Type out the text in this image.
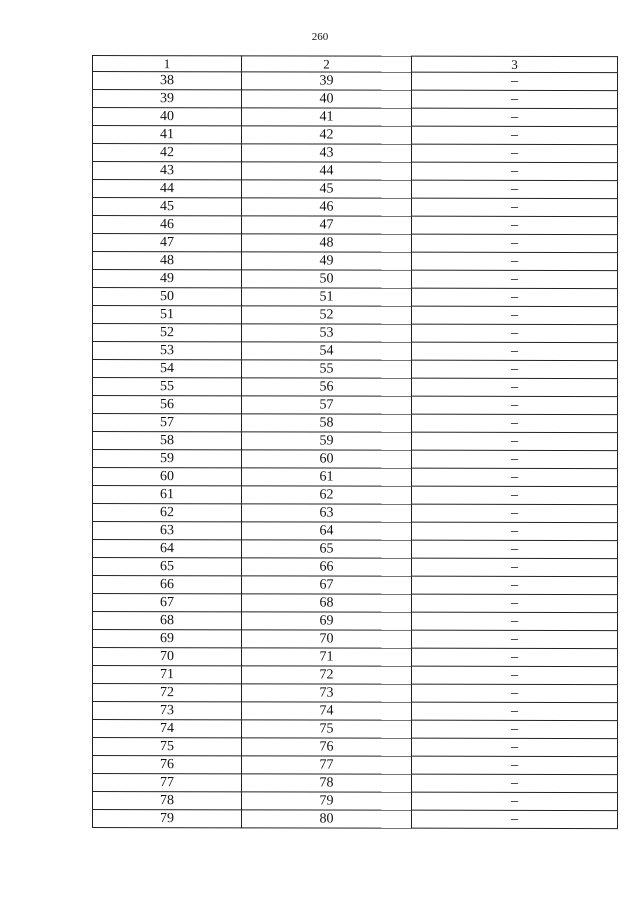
260
1	2	3
38	39	–
39	40	–
40	41	–
41	42	–
42	43	–
43	44	–
44	45	–
45	46	–
46	47	–
47	48	–
48	49	–
49	50	–
50	51	–
51	52	–
52	53	–
53	54	–
54	55	–
55	56	–
56	57	–
57	58	–
58	59	–
59	60	–
60	61	–
61	62	–
62	63	–
63	64	–
64	65	–
65	66	–
66	67	–
67	68	–
68	69	–
69	70	–
70	71	–
71	72	–
72	73	–
73	74	–
74	75	–
75	76	–
76	77	–
77	78	–
78	79	–
79	80	–
